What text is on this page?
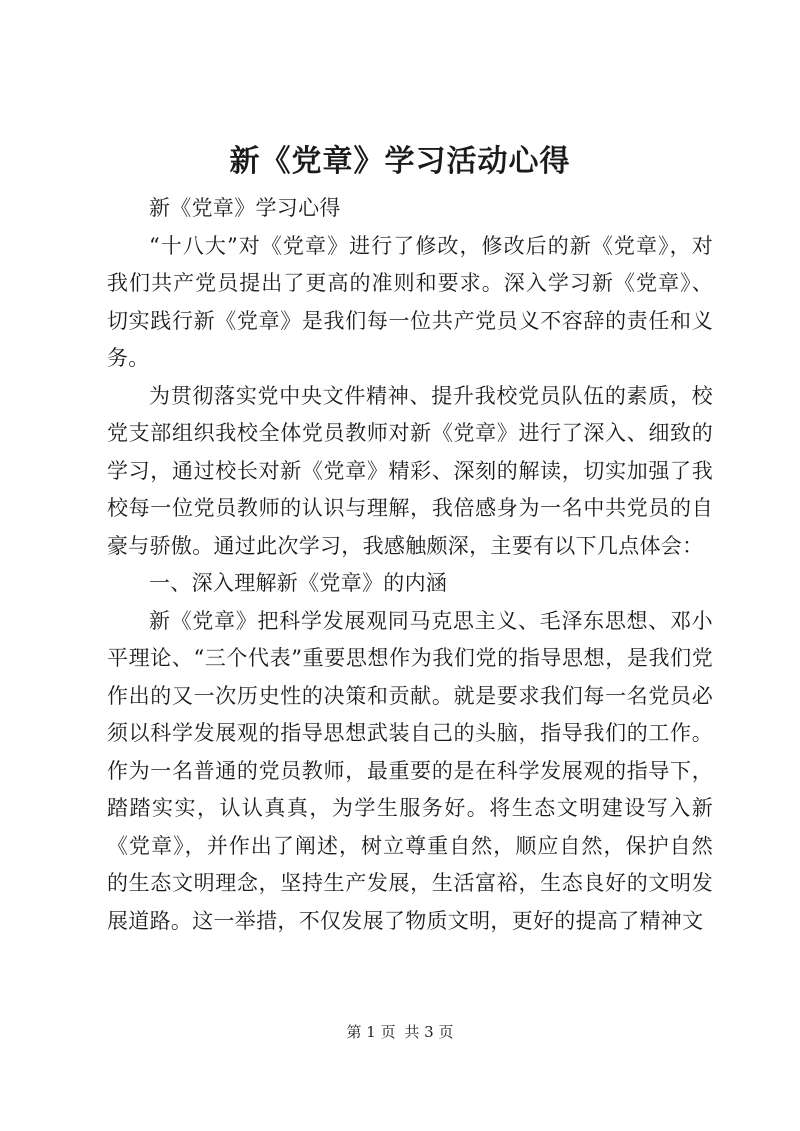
新《党章》学习活动心得

新《党章》学习心得

“十八大”对《党章》进行了修改，修改后的新《党章》，对我们共产党员提出了更高的准则和要求。深入学习新《党章》、切实践行新《党章》是我们每一位共产党员义不容辞的责任和义务。

为贯彻落实党中央文件精神、提升我校党员队伍的素质，校党支部组织我校全体党员教师对新《党章》进行了深入、细致的学习，通过校长对新《党章》精彩、深刻的解读，切实加强了我校每一位党员教师的认识与理解，我倍感身为一名中共党员的自豪与骄傲。通过此次学习，我感触颇深，主要有以下几点体会：

一、深入理解新《党章》的内涵

新《党章》把科学发展观同马克思主义、毛泽东思想、邓小平理论、“三个代表”重要思想作为我们党的指导思想，是我们党作出的又一次历史性的决策和贡献。就是要求我们每一名党员必须以科学发展观的指导思想武装自己的头脑，指导我们的工作。作为一名普通的党员教师，最重要的是在科学发展观的指导下，踏踏实实，认认真真，为学生服务好。将生态文明建设写入新《党章》，并作出了阐述，树立尊重自然，顺应自然，保护自然的生态文明理念，坚持生产发展，生活富裕，生态良好的文明发展道路。这一举措，不仅发展了物质文明，更好的提高了精神文

第 1 页 共 3 页
